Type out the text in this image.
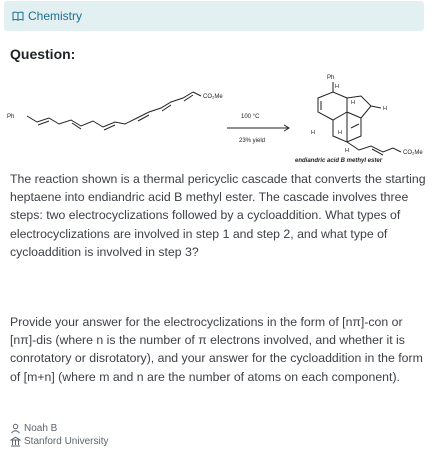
Chemistry
Question:
Ph
CO₂Me
100 °C
23% yield
Ph
H
H
H
H	H
H	CO₂Me
endiandric acid B methyl ester

The reaction shown is a thermal pericyclic cascade that converts the starting heptaene into endiandric acid B methyl ester. The cascade involves three steps: two electrocyclizations followed by a cycloaddition. What types of electrocyclizations are involved in step 1 and step 2, and what type of cycloaddition is involved in step 3?

Provide your answer for the electrocyclizations in the form of [nπ]-con or [nπ]-dis (where n is the number of π electrons involved, and whether it is conrotatory or disrotatory), and your answer for the cycloaddition in the form of [m+n] (where m and n are the number of atoms on each component).

Noah B
Stanford University
